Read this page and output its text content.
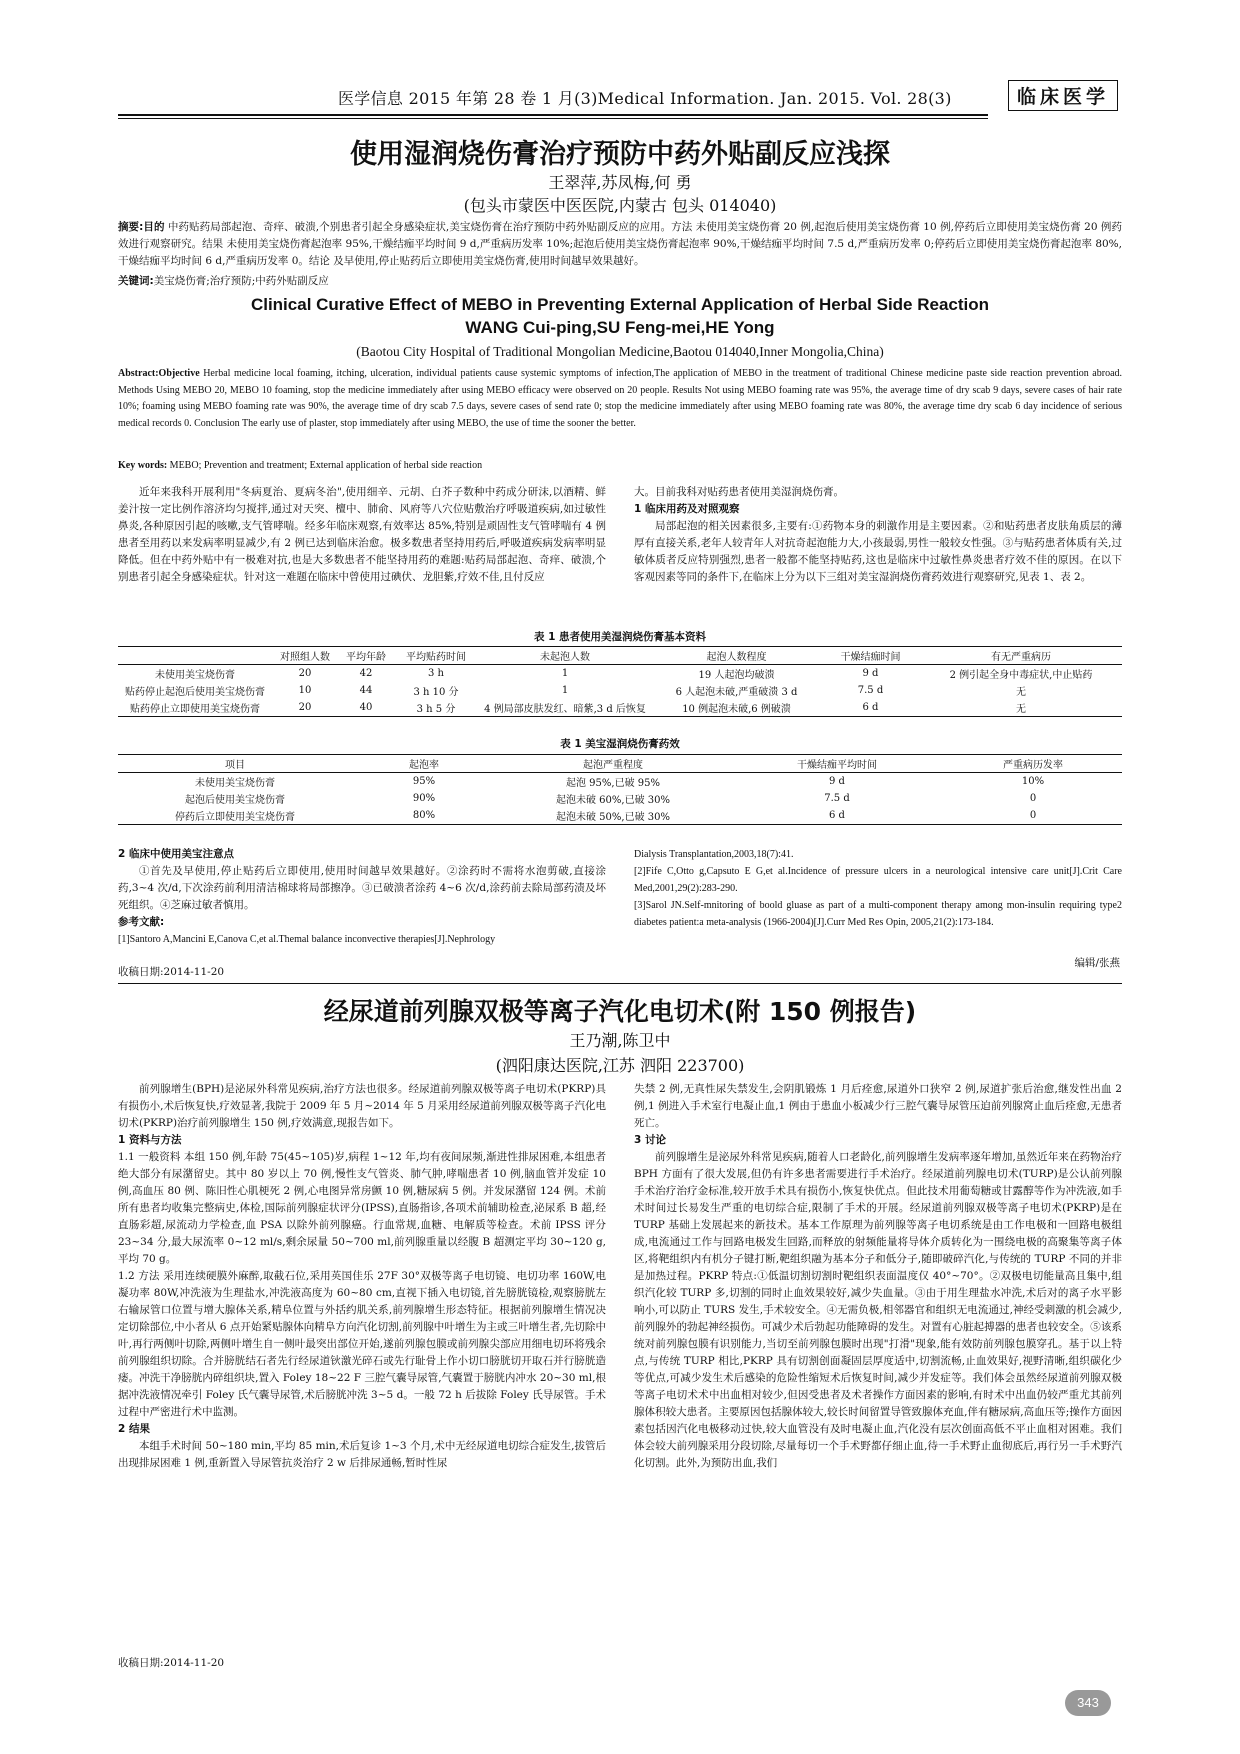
医学信息 2015 年第 28 卷 1 月(3)Medical Information. Jan. 2015. Vol. 28(3)	临床医学
使用湿润烧伤膏治疗预防中药外贴副反应浅探
王翠萍,苏凤梅,何 勇
(包头市蒙医中医医院,内蒙古 包头 014040)
摘要:目的 中药贴药局部起泡、奇痒、破溃,个别患者引起全身感染症状,美宝烧伤膏在治疗预防中药外贴副反应的应用。方法 未使用美宝烧伤膏 20 例,起泡后使用美宝烧伤膏 10 例,停药后立即使用美宝烧伤膏 20 例药效进行观察研究。结果 未使用美宝烧伤膏起泡率 95%,干燥结痂平均时间 9 d,严重病历发率 10%;起泡后使用美宝烧伤膏起泡率 90%,干燥结痂平均时间 7.5 d,严重病历发率 0;停药后立即使用美宝烧伤膏起泡率 80%,干燥结痂平均时间 6 d,严重病历发率 0。结论 及早使用,停止贴药后立即使用美宝烧伤膏,使用时间越早效果越好。
关键词:美宝烧伤膏;治疗预防;中药外贴副反应
Clinical Curative Effect of MEBO in Preventing External Application of Herbal Side Reaction
WANG Cui-ping,SU Feng-mei,HE Yong
(Baotou City Hospital of Traditional Mongolian Medicine,Baotou 014040,Inner Mongolia,China)
Abstract:Objective Herbal medicine local foaming, itching, ulceration, individual patients cause systemic symptoms of infection,The application of MEBO in the treatment of traditional Chinese medicine paste side reaction prevention abroad. Methods Using MEBO 20, MEBO 10 foaming, stop the medicine immediately after using MEBO efficacy were observed on 20 people. Results Not using MEBO foaming rate was 95%, the average time of dry scab 9 days, severe cases of hair rate 10%; foaming using MEBO foaming rate was 90%, the average time of dry scab 7.5 days, severe cases of send rate 0; stop the medicine immediately after using MEBO foaming rate was 80%, the average time dry scab 6 day incidence of serious medical records 0. Conclusion The early use of plaster, stop immediately after using MEBO, the use of time the sooner the better.
Key words: MEBO; Prevention and treatment; External application of herbal side reaction

近年来我科开展利用"冬病夏治、夏病冬治",使用细辛、元胡、白芥子数种中药成分研沫,以酒精、鲜姜汁按一定比例作溶济均匀搅拌,通过对天突、檀中、肺俞、风府等八穴位贴敷治疗呼吸道疾病,如过敏性鼻炎,各种原因引起的咳嗽,支气管哮喘。经多年临床观察,有效率达 85%,特别是顽固性支气管哮喘有 4 例患者至用药以来发病率明显减少,有 2 例已达到临床治愈。极多数患者坚持用药后,呼吸道疾病发病率明显降低。但在中药外贴中有一极难对抗,也是大多数患者不能坚持用药的难题:贴药局部起泡、奇痒、破溃,个别患者引起全身感染症状。针对这一难题在临床中曾使用过碘伏、龙胆紫,疗效不佳,且付反应

大。目前我科对贴药患者使用美湿润烧伤膏。

1 临床用药及对照观察

局部起泡的相关因素很多,主要有:①药物本身的刺激作用是主要因素。②和贴药患者皮肤角质层的薄厚有直接关系,老年人较青年人对抗奇起泡能力大,小孩最弱,男性一般较女性强。③与贴药患者体质有关,过敏体质者反应特别强烈,患者一般都不能坚持贴药,这也是临床中过敏性鼻炎患者疗效不佳的原因。在以下客观因素等同的条件下,在临床上分为以下三组对美宝湿润烧伤膏药效进行观察研究,见表 1、表 2。

表 1 患者使用美湿润烧伤膏基本资料
	对照组人数	平均年龄	平均贴药时间	未起泡人数	起泡人数程度	干燥结痂时间	有无严重病历
未使用美宝烧伤膏	20	42	3 h	1	19 人起泡均破溃	9 d	2 例引起全身中毒症状,中止贴药
贴药停止起泡后使用美宝烧伤膏	10	44	3 h 10 分	1	6 人起泡未破,严重破溃 3 d	7.5 d	无
贴药停止立即使用美宝烧伤膏	20	40	3 h 5 分	4 例局部皮肤发红、暗紫,3 d 后恢复	10 例起泡未破,6 例破溃	6 d	无
表 1 美宝湿润烧伤膏药效
项目	起泡率	起泡严重程度	干燥结痂平均时间	严重病历发率
未使用美宝烧伤膏	95%	起泡 95%,已破 95%	9 d	10%
起泡后使用美宝烧伤膏	90%	起泡未破 60%,已破 30%	7.5 d	0
停药后立即使用美宝烧伤膏	80%	起泡未破 50%,已破 30%	6 d	0

2 临床中使用美宝注意点

①首先及早使用,停止贴药后立即使用,使用时间越早效果越好。②涂药时不需将水泡剪破,直接涂药,3~4 次/d,下次涂药前利用清洁棉球将局部擦净。③已破溃者涂药 4~6 次/d,涂药前去除局部药渍及坏死组织。④芝麻过敏者慎用。

参考文献:

[1]Santoro A,Mancini E,Canova C,et al.Themal balance inconvective therapies[J].Nephrology

Dialysis Transplantation,2003,18(7):41.

[2]Fife C,Otto g,Capsuto E G,et al.Incidence of pressure ulcers in a neurological intensive care unit[J].Crit Care Med,2001,29(2):283-290.

[3]Sarol JN.Self-mnitoring of boold gluase as part of a multi-component therapy among mon-insulin requiring type2 diabetes patient:a meta-analysis (1966-2004)[J].Curr Med Res Opin, 2005,21(2):173-184.

编辑/张燕
收稿日期:2014-11-20
经尿道前列腺双极等离子汽化电切术(附 150 例报告)
王乃潮,陈卫中
(泗阳康达医院,江苏 泗阳 223700)

前列腺增生(BPH)是泌尿外科常见疾病,治疗方法也很多。经尿道前列腺双极等离子电切术(PKRP)具有损伤小,术后恢复快,疗效显著,我院于 2009 年 5 月~2014 年 5 月采用经尿道前列腺双极等离子汽化电切术(PKRP)治疗前列腺增生 150 例,疗效满意,现报告如下。

1 资料与方法

1.1 一般资料 本组 150 例,年龄 75(45~105)岁,病程 1~12 年,均有夜间尿频,渐进性排尿困难,本组患者绝大部分有尿潴留史。其中 80 岁以上 70 例,慢性支气管炎、肺气肿,哮喘患者 10 例,脑血管并发症 10 例,高血压 80 例、陈旧性心肌梗死 2 例,心电图异常房颤 10 例,糖尿病 5 例。并发尿潴留 124 例。术前所有患者均收集完整病史,体检,国际前列腺症状评分(IPSS),直肠指诊,各项术前辅助检查,泌尿系 B 超,经直肠彩超,尿流动力学检查,血 PSA 以除外前列腺癌。行血常规,血糖、电解质等检查。术前 IPSS 评分 23~34 分,最大尿流率 0~12 ml/s,剩余尿量 50~700 ml,前列腺重量以经腹 B 超测定平均 30~120 g,平均 70 g。

1.2 方法 采用连续硬膜外麻醉,取截石位,采用英国佳乐 27F 30°双极等离子电切镜、电切功率 160W,电凝功率 80W,冲洗液为生理盐水,冲洗液高度为 60~80 cm,直视下插入电切镜,首先膀胱镜检,观察膀胱左右输尿管口位置与增大腺体关系,精阜位置与外括约肌关系,前列腺增生形态特征。根据前列腺增生情况决定切除部位,中小者从 6 点开始紧贴腺体向精阜方向汽化切割,前列腺中叶增生为主或三叶增生者,先切除中叶,再行两侧叶切除,两侧叶增生自一侧叶最突出部位开始,遂前列腺包膜或前列腺尖部应用细电切环将残余前列腺组织切除。合并膀胱结石者先行经尿道钬激光碎石或先行耻骨上作小切口膀胱切开取石并行膀胱造瘘。冲洗干净膀胱内碎组织块,置入 Foley 18~22 F 三腔气囊导尿管,气囊置于膀胱内冲水 20~30 ml,根据冲洗液情况牵引 Foley 氏气囊导尿管,术后膀胱冲洗 3~5 d。一般 72 h 后拔除 Foley 氏导尿管。手术过程中严密进行术中监测。

2 结果

本组手术时间 50~180 min,平均 85 min,术后复诊 1~3 个月,术中无经尿道电切综合症发生,拔管后出现排尿困难 1 例,重新置入导尿管抗炎治疗 2 w 后排尿通畅,暂时性尿

失禁 2 例,无真性尿失禁发生,会阴肌锻炼 1 月后痊愈,尿道外口狭窄 2 例,尿道扩张后治愈,继发性出血 2 例,1 例进入手术室行电凝止血,1 例由于患血小板减少行三腔气囊导尿管压迫前列腺窝止血后痊愈,无患者死亡。

3 讨论

前列腺增生是泌尿外科常见疾病,随着人口老龄化,前列腺增生发病率逐年增加,虽然近年来在药物治疗 BPH 方面有了很大发展,但仍有许多患者需要进行手术治疗。经尿道前列腺电切术(TURP)是公认前列腺手术治疗治疗金标准,较开放手术具有损伤小,恢复快优点。但此技术用葡萄糖或甘露醇等作为冲洗液,如手术时间过长易发生严重的电切综合症,限制了手术的开展。经尿道前列腺双极等离子电切术(PKRP)是在 TURP 基础上发展起来的新技术。基本工作原理为前列腺等离子电切系统是由工作电极和一回路电极组成,电流通过工作与回路电极发生回路,而释放的射频能量将导体介质转化为一围绕电极的高聚集等离子体区,将靶组织内有机分子键打断,靶组织融为基本分子和低分子,随即破碎汽化,与传统的 TURP 不同的并非是加热过程。PKRP 特点:①低温切割切割时靶组织表面温度仅 40°~70°。②双极电切能量高且集中,组织汽化较 TURP 多,切割的同时止血效果较好,减少失血量。③由于用生理盐水冲洗,术后对的离子水平影响小,可以防止 TURS 发生,手术较安全。④无需负极,相邻器官和组织无电流通过,神经受刺激的机会减少,前列腺外的勃起神经损伤。可减少术后勃起功能障碍的发生。对置有心脏起搏器的患者也较安全。⑤该系统对前列腺包膜有识别能力,当切至前列腺包膜时出现"打滑"现象,能有效防前列腺包膜穿孔。基于以上特点,与传统 TURP 相比,PKRP 具有切割创面凝固层厚度适中,切割流畅,止血效果好,视野清晰,组织碳化少等优点,可减少发生术后感染的危险性缩短术后恢复时间,减少并发症等。我们体会虽然经尿道前列腺双极等离子电切术术中出血相对较少,但因受患者及术者操作方面因素的影响,有时术中出血仍较严重尤其前列腺体积较大患者。主要原因包括腺体较大,较长时间留置导管致腺体充血,伴有糖尿病,高血压等;操作方面因素包括因汽化电极移动过快,较大血管没有及时电凝止血,汽化没有层次创面高低不平止血相对困难。我们体会较大前列腺采用分段切除,尽量每切一个手术野都仔细止血,待一手术野止血彻底后,再行另一手术野汽化切割。此外,为预防出血,我们

收稿日期:2014-11-20
343
